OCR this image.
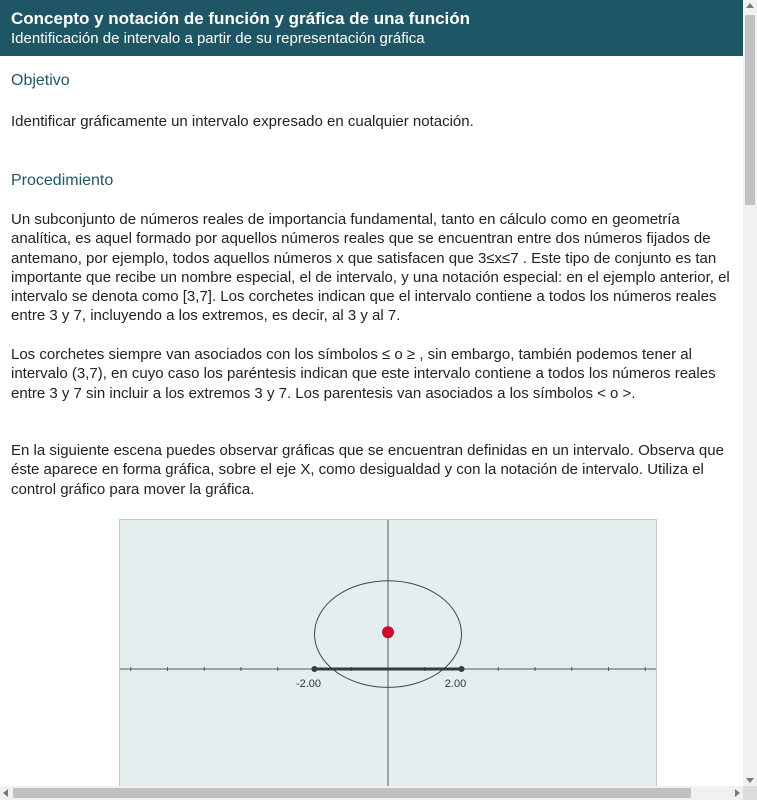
Concepto y notación de función y gráfica de una función
Identificación de intervalo a partir de su representación gráfica
Objetivo

Identificar gráficamente un intervalo expresado en cualquier notación.

Procedimiento

Un subconjunto de números reales de importancia fundamental, tanto en cálculo como en geometría analítica, es aquel formado por aquellos números reales que se encuentran entre dos números fijados de antemano, por ejemplo, todos aquellos números x que satisfacen que 3≤x≤7 . Este tipo de conjunto es tan importante que recibe un nombre especial, el de intervalo, y una notación especial: en el ejemplo anterior, el intervalo se denota como [3,7]. Los corchetes indican que el intervalo contiene a todos los números reales entre 3 y 7, incluyendo a los extremos, es decir, al 3 y al 7.

Los corchetes siempre van asociados con los símbolos ≤ o ≥ , sin embargo, también podemos tener al intervalo (3,7), en cuyo caso los paréntesis indican que este intervalo contiene a todos los números reales entre 3 y 7 sin incluir a los extremos 3 y 7. Los parentesis van asociados a los símbolos < o >.

En la siguiente escena puedes observar gráficas que se encuentran definidas en un intervalo. Observa que éste aparece en forma gráfica, sobre el eje X, como desigualdad y con la notación de intervalo. Utiliza el control gráfico para mover la gráfica.

-2.00	2.00
